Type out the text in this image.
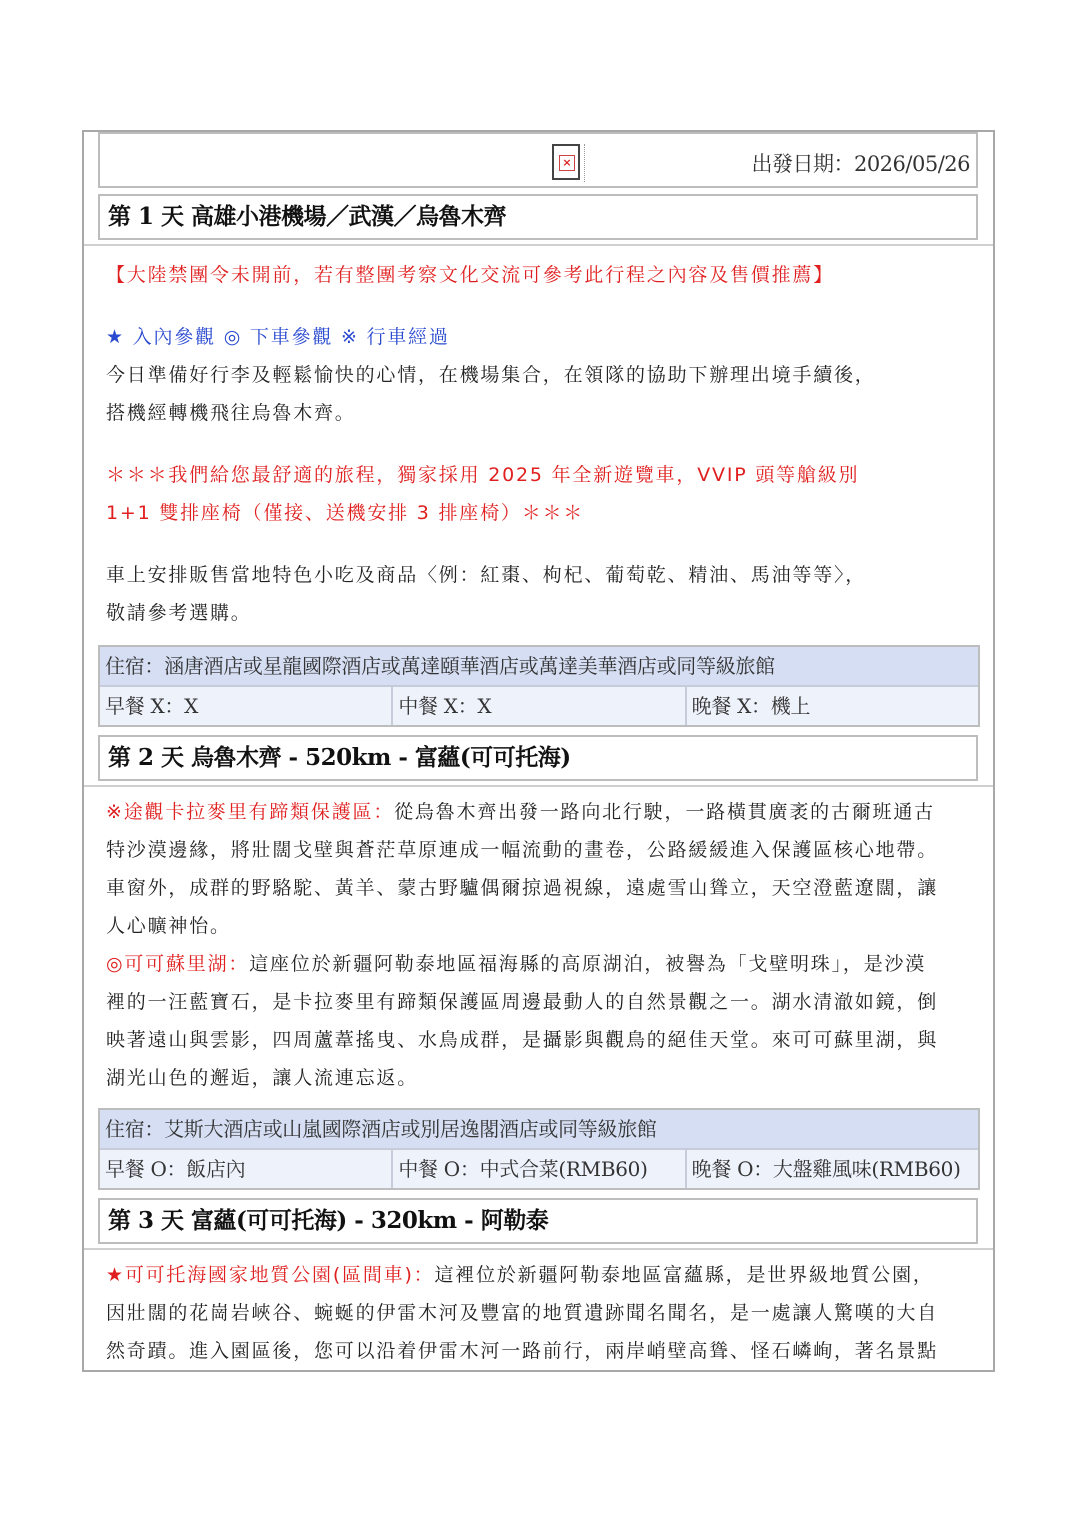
×	出發日期：2026/05/26
第 1 天 高雄小港機場／武漢／烏魯木齊

【大陸禁團令未開前，若有整團考察文化交流可參考此行程之內容及售價推薦】

★ 入內參觀 ◎ 下車參觀 ※ 行車經過

今日準備好行李及輕鬆愉快的心情，在機場集合，在領隊的協助下辦理出境手續後，

搭機經轉機飛往烏魯木齊。

＊＊＊我們給您最舒適的旅程，獨家採用 2025 年全新遊覽車，VVIP 頭等艙級別

1+1 雙排座椅（僅接、送機安排 3 排座椅）＊＊＊

車上安排販售當地特色小吃及商品〈例：紅棗、枸杞、葡萄乾、精油、馬油等等〉，

敬請參考選購。

住宿：涵唐酒店或星龍國際酒店或萬達頤華酒店或萬達美華酒店或同等級旅館
早餐 X：X	中餐 X：X	晚餐 X：機上
第 2 天 烏魯木齊 - 520km - 富蘊(可可托海)

※途觀卡拉麥里有蹄類保護區：從烏魯木齊出發一路向北行駛，一路橫貫廣袤的古爾班通古

特沙漠邊緣，將壯闊戈壁與蒼茫草原連成一幅流動的畫卷，公路緩緩進入保護區核心地帶。

車窗外，成群的野駱駝、黃羊、蒙古野驢偶爾掠過視線，遠處雪山聳立，天空澄藍遼闊，讓

人心曠神怡。

◎可可蘇里湖：這座位於新疆阿勒泰地區福海縣的高原湖泊，被譽為「戈壁明珠」，是沙漠

裡的一汪藍寶石，是卡拉麥里有蹄類保護區周邊最動人的自然景觀之一。湖水清澈如鏡，倒

映著遠山與雲影，四周蘆葦搖曳、水鳥成群，是攝影與觀鳥的絕佳天堂。來可可蘇里湖，與

湖光山色的邂逅，讓人流連忘返。

住宿：艾斯大酒店或山嵐國際酒店或別居逸閣酒店或同等級旅館
早餐 O：飯店內	中餐 O：中式合菜(RMB60)	晚餐 O：大盤雞風味(RMB60)
第 3 天 富蘊(可可托海) - 320km - 阿勒泰

★可可托海國家地質公園(區間車)：這裡位於新疆阿勒泰地區富蘊縣，是世界級地質公園，

因壯闊的花崗岩峽谷、蜿蜒的伊雷木河及豐富的地質遺跡聞名聞名，是一處讓人驚嘆的大自

然奇蹟。進入園區後，您可以沿着伊雷木河一路前行，兩岸峭壁高聳、怪石嶙峋，著名景點
